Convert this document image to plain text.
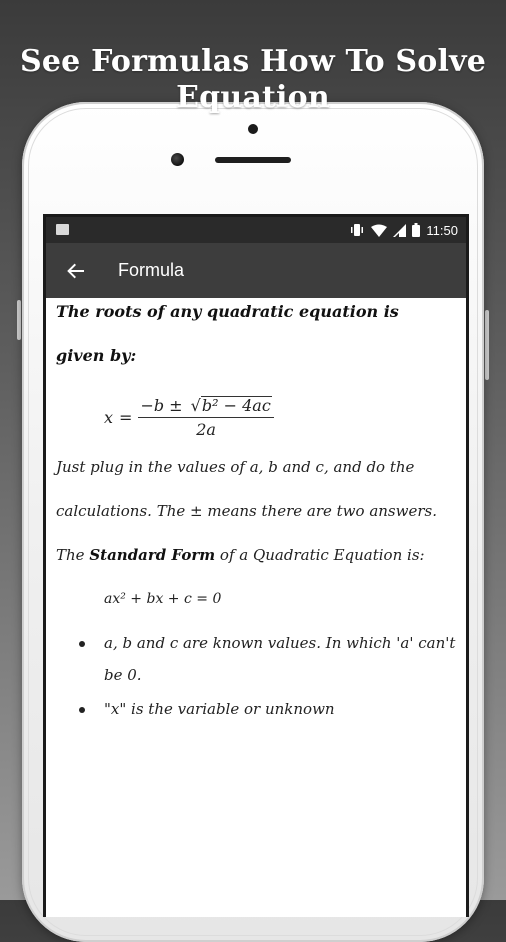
See Formulas How To Solve
Equation
11:50
Formula
The roots of any quadratic equation is
given by:
$x = \frac{\text{−b ± √ b² − 4ac}}{2a}$
Just plug in the values of a, b and c, and do the
calculations. The ± means there are two answers.
The Standard Form of a Quadratic Equation is:
ax² + bx + c = 0
a, b and c are known values. In which 'a' can't
be 0.
"x" is the variable or unknown
